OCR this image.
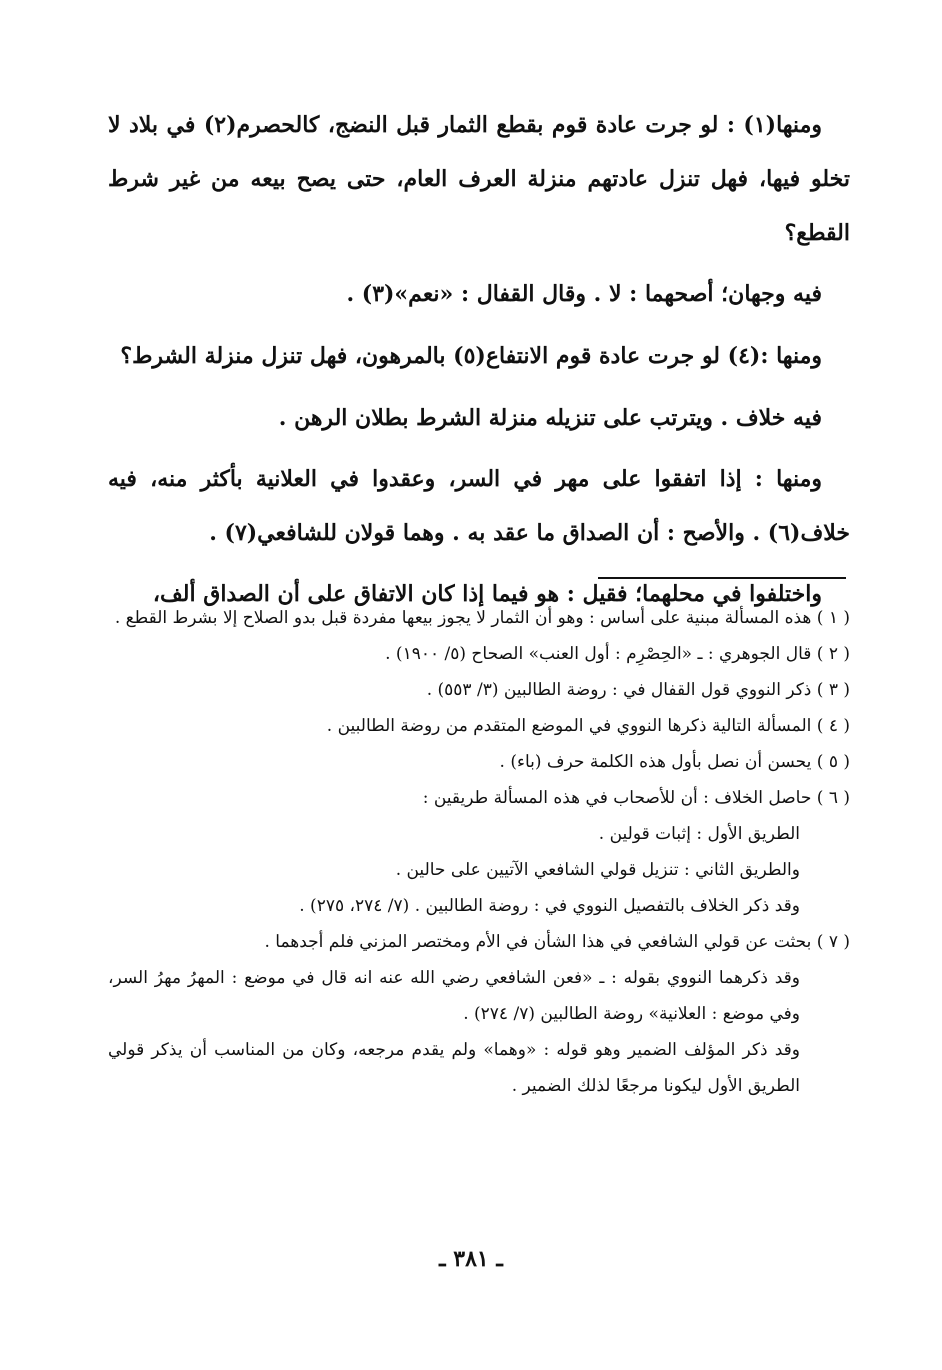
ومنها(١) : لو جرت عادة قوم بقطع الثمار قبل النضج، كالحصرم(٢) في بلاد لا تخلو فيها، فهل تنزل عادتهم منزلة العرف العام، حتى يصح بيعه من غير شرط القطع؟

فيه وجهان؛ أصحهما : لا . وقال القفال : «نعم»(٣) .

ومنها :(٤) لو جرت عادة قوم الانتفاع(٥) بالمرهون، فهل تنزل منزلة الشرط؟

فيه خلاف . ويترتب على تنزيله منزلة الشرط بطلان الرهن .

ومنها : إذا اتفقوا على مهر في السر، وعقدوا في العلانية بأكثر منه، فيه خلاف(٦) . والأصح : أن الصداق ما عقد به . وهما قولان للشافعي(٧) .

واختلفوا في محلهما؛ فقيل : هو فيما إذا كان الاتفاق على أن الصداق ألف،

( ١ ) هذه المسألة مبنية على أساس : وهو أن الثمار لا يجوز بيعها مفردة قبل بدو الصلاح إلا بشرط القطع .

( ٢ ) قال الجوهري : ـ «الحِصْرِم : أول العنب» الصحاح (٥/ ١٩٠٠) .

( ٣ ) ذكر النووي قول القفال في : روضة الطالبين (٣/ ٥٥٣) .

( ٤ ) المسألة التالية ذكرها النووي في الموضع المتقدم من روضة الطالبين .

( ٥ ) يحسن أن نصل بأول هذه الكلمة حرف (باء) .

( ٦ ) حاصل الخلاف : أن للأصحاب في هذه المسألة طريقين :

الطريق الأول : إثبات قولين .

والطريق الثاني : تنزيل قولي الشافعي الآتيين على حالين .

وقد ذكر الخلاف بالتفصيل النووي في : روضة الطالبين . (٧/ ٢٧٤، ٢٧٥) .

( ٧ ) بحثت عن قولي الشافعي في هذا الشأن في الأم ومختصر المزني فلم أجدهما .

وقد ذكرهما النووي بقوله : ـ «فعن الشافعي رضي الله عنه انه قال في موضع : المهرُ مهرُ السر، وفي موضع : العلانية» روضة الطالبين (٧/ ٢٧٤) .

وقد ذكر المؤلف الضمير وهو قوله : «وهما» ولم يقدم مرجعه، وكان من المناسب أن يذكر قولي الطريق الأول ليكونا مرجعًا لذلك الضمير .

ـ ٣٨١ ـ
